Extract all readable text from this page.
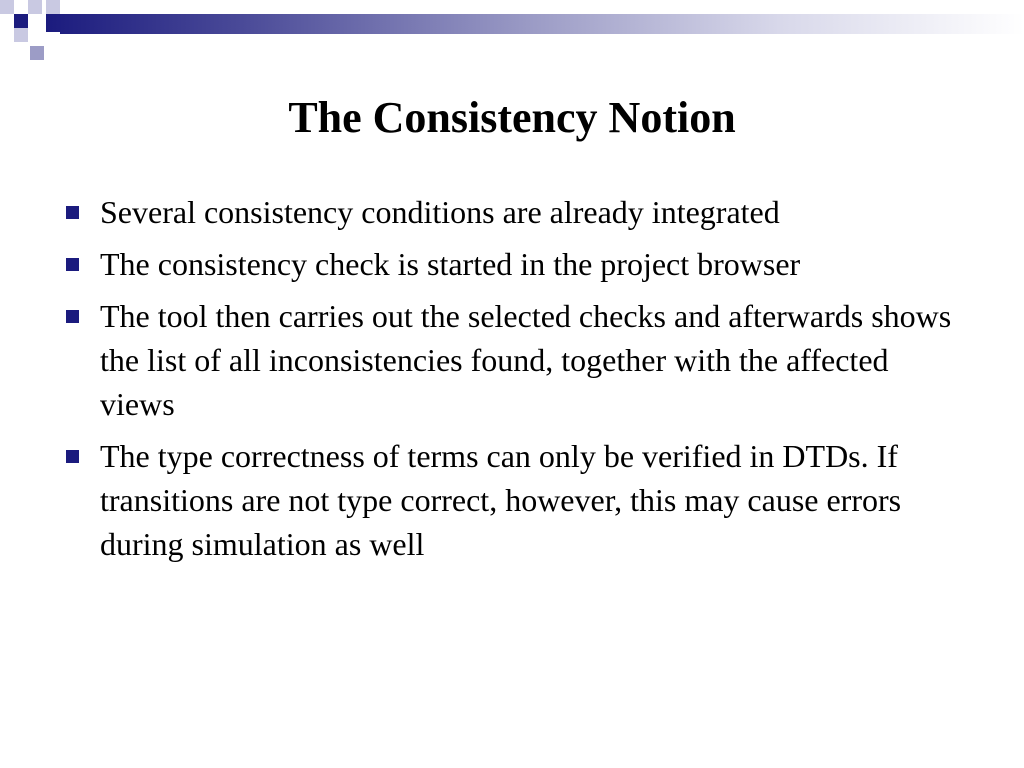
The Consistency Notion
Several consistency conditions are already integrated
The consistency check is started in the project browser
The tool then carries out the selected checks and afterwards shows the list of all inconsistencies found, together with the affected views
The type correctness of terms can only be verified in DTDs. If transitions are not type correct, however, this may cause errors during simulation as well
